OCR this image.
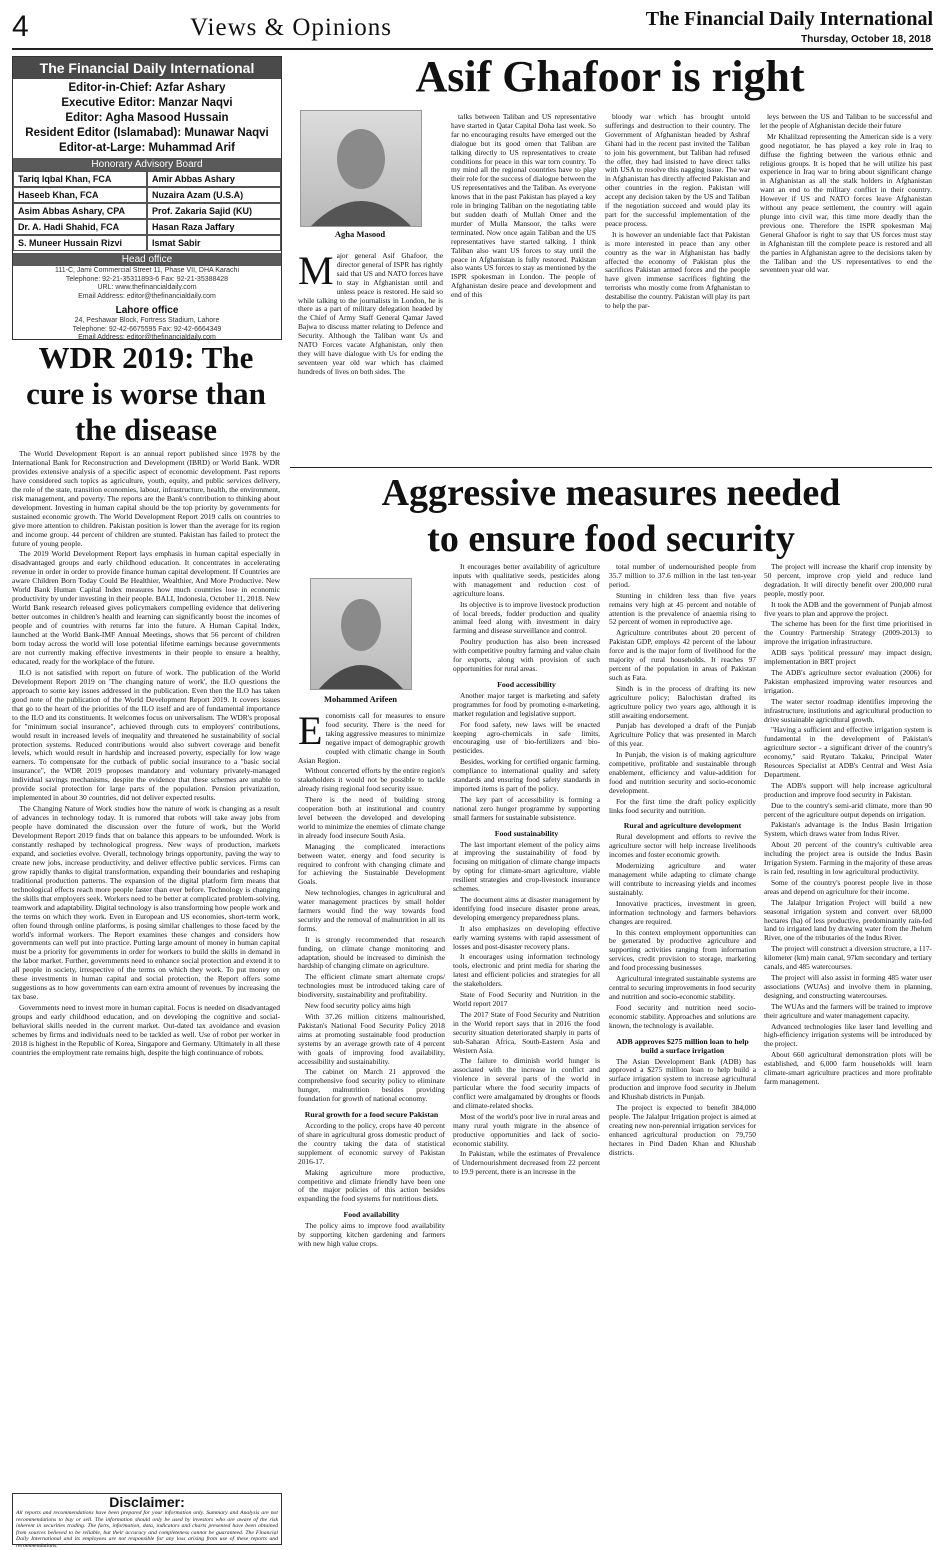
4	Views & Opinions	The Financial Daily International
Thursday, October 18, 2018
The Financial Daily International
Editor-in-Chief: Azfar Ashary
Executive Editor: Manzar Naqvi
Editor: Agha Masood Hussain
Resident Editor (Islamabad): Munawar Naqvi
Editor-at-Large: Muhammad Arif
Honorary Advisory Board
Tariq Iqbal Khan, FCA	Amir Abbas Ashary
Haseeb Khan, FCA	Nuzaira Azam (U.S.A)
Asim Abbas Ashary, CPA	Prof. Zakaria Sajid (KU)
Dr. A. Hadi Shahid, FCA	Hasan Raza Jaffary
S. Muneer Hussain Rizvi	Ismat Sabir
Head office
111-C, Jami Commercial Street 11, Phase VII, DHA Karachi
Telephone: 92-21-35311893-6 Fax: 92-21-35388428
URL: www.thefinancialdaily.com
Email Address: editor@thefinancialdaily.com
Lahore office
24, Peshawar Block, Fortress Stadium, Lahore
Telephone: 92-42-6675595 Fax: 92-42-6664349
Email Address: editor@thefinancialdaily.com
Asif Ghafoor is right
Agha Masood
M ajor general Asif Ghafoor, the director general of ISPR has rightly said that US and NATO forces have to stay in Afghanistan until and unless peace is restored. He said so while talking to the journalists in London, he is there as a part of military delegation headed by the Chief of Army Staff General Qamar Javed Bajwa to discuss matter relating to Defence and Security. Although the Taliban want Us and NATO Forces vacate Afghanistan, only then they will have dialogue with Us for ending the seventeen year old war which has claimed hundreds of lives on both sides. The

talks between Taliban and US representative have started in Qatar Capital Doha last week. So far no encouraging results have emerged out the dialogue but its good omen that Taliban are talking directly to US representatives to create conditions for peace in this war torn country. To my mind all the regional countries have to play their role for the success of dialogue between the US representatives and the Taliban. As everyone knows that in the past Pakistan has played a key role in bringing Taliban on the negotiating table but sudden death of Mullah Omer and the murder of Mulla Mansoor, the talks were terminated. Now once again Taliban and the US representatives have started talking. I think Taliban also want US forces to stay until the peace in Afghanistan is fully restored. Pakistan also wants US forces to stay as mentioned by the ISPR spokesman in London. The people of Afghanistan desire peace and development and end of this

bloody war which has brought untold sufferings and destruction to their country. The Government of Afghanistan headed by Ashraf Ghani had in the recent past invited the Taliban to join his government, but Taliban had refused the offer, they had insisted to have direct talks with USA to resolve this nagging issue. The war in Afghanistan has directly affected Pakistan and other countries in the region. Pakistan will accept any decision taken by the US and Taliban if the negotiation succeed and would play its part for the successful implementation of the peace process.

It is however an undeniable fact that Pakistan is more interested in peace than any other country as the war in Afghanistan has badly affected the economy of Pakistan plus the sacrifices Pakistan armed forces and the people have given immense sacrifices fighting the terrorists who mostly come from Afghanistan to destabilise the country. Pakistan will play its part to help the par-

leys between the US and Taliban to be successful and let the people of Afghanistan decide their future

Mr Khalilzad representing the American side is a very good negotiator, he has played a key role in Iraq to diffuse the fighting between the various ethnic and religious groups. It is hoped that he will utilize his past experience in Iraq war to bring about significant change in Afghanistan as all the stalk holders in Afghanistan want an end to the military conflict in their country. However if US and NATO forces leave Afghanistan without any peace settlement, the country will again plunge into civil war, this time more deadly than the previous one. Therefore the ISPR spokesman Maj General Ghafoor is right to say that US forces must stay in Afghanistan till the complete peace is restored and all the parties in Afghanistan agree to the decisions taken by the Taliban and the US representatives to end the seventeen year old war.

WDR 2019: The
cure is worse than
the disease

The World Development Report is an annual report published since 1978 by the International Bank for Reconstruction and Development (IBRD) or World Bank. WDR provides extensive analysis of a specific aspect of economic development. Past reports have considered such topics as agriculture, youth, equity, and public services delivery, the role of the state, transition economies, labour, infrastructure, health, the environment, risk management, and poverty. The reports are the Bank's contribution to thinking about development. Investing in human capital should be the top priority by governments for sustained economic growth. The World Development Report 2019 calls on countries to give more attention to children. Pakistan position is lower than the average for its region and income group. 44 percent of children are stunted. Pakistan has failed to protect the future of young people.

The 2019 World Development Report lays emphasis in human capital especially in disadvantaged groups and early childhood education. It concentrates in accelerating revenue in order in order to provide finance human capital development. If Countries are aware Children Born Today Could Be Healthier, Wealthier, And More Productive. New World Bank Human Capital Index measures how much countries lose in economic productivity by under investing in their people. BALI, Indonesia, October 11, 2018. New World Bank research released gives policymakers compelling evidence that delivering better outcomes in children's health and learning can significantly boost the incomes of people and of countries with returns far into the future. A Human Capital Index, launched at the World Bank-IMF Annual Meetings, shows that 56 percent of children born today across the world will lose potential lifetime earnings because governments are not currently making effective investments in their people to ensure a healthy, educated, ready for the workplace of the future.

ILO is not satisfied with report on future of work. The publication of the World Development Report 2019 on 'The changing nature of work', the ILO questions the approach to some key issues addressed in the publication. Even then the ILO has taken good note of the publication of the World Development Report 2019. It covers issues that go to the heart of the priorities of the ILO itself and are of fundamental importance to the ILO and its constituents. It welcomes focus on universalism. The WDR's proposal for "minimum social insurance", achieved through cuts to employers' contributions, would result in increased levels of inequality and threatened he sustainability of social protection systems. Reduced contributions would also subvert coverage and benefit levels, which would result in hardship and increased poverty, especially for low wage earners. To compensate for the cutback of public social insurance to a "basic social insurance", the WDR 2019 proposes mandatory and voluntary privately-managed individual savings mechanisms, despite the evidence that these schemes are unable to provide social protection for large parts of the population. Pension privatization, implemented in about 30 countries, did not deliver expected results.

The Changing Nature of Work studies how the nature of work is changing as a result of advances in technology today. It is rumored that robots will take away jobs from people have dominated the discussion over the future of work, but the World Development Report 2019 finds that on balance this appears to be unfounded. Work is constantly reshaped by technological progress. New ways of production, markets expand, and societies evolve. Overall, technology brings opportunity, paving the way to create new jobs, increase productivity, and deliver effective public services. Firms can grow rapidly thanks to digital transformation, expanding their boundaries and reshaping traditional production patterns. The expansion of the digital platform firm means that technological effects reach more people faster than ever before. Technology is changing the skills that employers seek. Workers need to be better at complicated problem-solving, teamwork and adaptability. Digital technology is also transforming how people work and the terms on which they work. Even in European and US economies, short-term work, often found through online platforms, is posing similar challenges to those faced by the world's informal workers. The Report examines these changes and considers how governments can well put into practice. Putting large amount of money in human capital must be a priority for governments in order for workers to build the skills in demand in the labor market. Further, governments need to enhance social protection and extend it to all people in society, irrespective of the terms on which they work. To put money on these investments in human capital and social protection, the Report offers some suggestions as to how governments can earn extra amount of revenues by increasing the tax base.

Governments need to invest more in human capital. Focus is needed on disadvantaged groups and early childhood education, and on developing the cognitive and social-behavioral skills needed in the current market. Out-dated tax avoidance and evasion schemes by firms and individuals need to be tackled as well. Use of robot per worker in 2018 is highest in the Republic of Korea, Singapore and Germany. Ultimately in all these countries the employment rate remains high, despite the high continuance of robots.

Disclaimer:
All reports and recommendations have been prepared for your information only. Summary and Analysis are not recommendations to buy or sell. The information should only be used by investors who are aware of the risk inherent in securities trading. The facts, information, data, indicators and charts presented have been obtained from sources believed to be reliable, but their accuracy and completeness cannot be guaranteed. The Financial Daily International and its employees are not responsible for any loss arising from use of these reports and recommendations.
Aggressive measures needed
to ensure food security
Mohammed Arifeen
E conomists call for measures to ensure food security. There is the need for taking aggressive measures to minimize negative impact of demographic growth coupled with climatic change in South Asian Region.

Without concerted efforts by the entire region's stakeholders it would not be possible to tackle already rising regional food security issue.

There is the need of building strong cooperation both at institutional and country level between the developed and developing world to minimize the enemies of climate change in already food insecure South Asia.

Managing the complicated interactions between water, energy and food security is required to confront with changing climate and for achieving the Sustainable Development Goals.

New technologies, changes in agricultural and water management practices by small holder farmers would find the way towards food security and the removal of malnutrition in all its forms.

It is strongly recommended that research funding, on climate change monitoring and adaptation, should be increased to diminish the hardship of changing climate on agriculture.

The efficient climate smart alternate crops/ technologies must be introduced taking care of biodiversity, sustainability and profitability.

New food security policy aims high

With 37.26 million citizens malnourished, Pakistan's National Food Security Policy 2018 aims at promoting sustainable food production systems by an average growth rate of 4 percent with goals of improving food availability, accessibility and sustainability.

The cabinet on March 21 approved the comprehensive food security policy to eliminate hunger, malnutrition besides providing foundation for growth of national economy.

Rural growth for a food secure Pakistan

According to the policy, crops have 40 percent of share in agricultural gross domestic product of the country taking the data of statistical supplement of economic survey of Pakistan 2016-17.

Making agriculture more productive, competitive and climate friendly have been one of the major policies of this action besides expanding the food systems for nutritious diets.

Food availability

The policy aims to improve food availability by supporting kitchen gardening and farmers with new high value crops.

It encourages better availability of agriculture inputs with qualitative seeds, pesticides along with management and reduction cost of agriculture loans.

Its objective is to improve livestock production of local breeds, fodder production and quality animal feed along with investment in dairy farming and disease surveillance and control.

Poultry production has also been increased with competitive poultry farming and value chain for exports, along with provision of such opportunities for rural areas.

Food accessibility

Another major target is marketing and safety programmes for food by promoting e-marketing, market regulation and legislative support.

For food safety, new laws will be enacted keeping agro-chemicals in safe limits, encouraging use of bio-fertilizers and bio-pesticides.

Besides, working for certified organic farming, compliance to international quality and safety standards and ensuring food safety standards in imported items is part of the policy.

The key part of accessibility is forming a national zero hunger programme by supporting small farmers for sustainable subsistence.

Food sustainability

The last important element of the policy aims at improving the sustainability of food by focusing on mitigation of climate change impacts by opting for climate-smart agriculture, viable resilient strategies and crop-livestock insurance schemes.

The document aims at disaster management by identifying food insecure disaster prone areas, developing emergency preparedness plans.

It also emphasizes on developing effective early warning systems with rapid assessment of losses and post-disaster recovery plans.

It encourages using information technology tools, electronic and print media for sharing the latest and efficient policies and strategies for all the stakeholders.

State of Food Security and Nutrition in the World report 2017

The 2017 State of Food Security and Nutrition in the World report says that in 2016 the food security situation deteriorated sharply in parts of sub-Saharan Africa, South-Eastern Asia and Western Asia.

The failure to diminish world hunger is associated with the increase in conflict and violence in several parts of the world in particular where the food security impacts of conflict were amalgamated by droughts or floods and climate-related shocks.

Most of the world's poor live in rural areas and many rural youth migrate in the absence of productive opportunities and lack of socio-economic stability.

In Pakistan, while the estimates of Prevalence of Undernourishment decreased from 22 percent to 19.9 percent, there is an increase in the

total number of undernourished people from 35.7 million to 37.6 million in the last ten-year period.

Stunting in children less than five years remains very high at 45 percent and notable of attention is the prevalence of anaemia rising to 52 percent of women in reproductive age.

Agriculture contributes about 20 percent of Pakistan GDP, employs 42 percent of the labour force and is the major form of livelihood for the majority of rural households. It reaches 97 percent of the population in areas of Pakistan such as Fata.

Sindh is in the process of drafting its new agriculture policy; Balochistan drafted its agriculture policy two years ago, although it is still awaiting endorsement.

Punjab has developed a draft of the Punjab Agriculture Policy that was presented in March of this year.

In Punjab, the vision is of making agriculture competitive, profitable and sustainable through enablement, efficiency and value-addition for food and nutrition security and socio-economic development.

For the first time the draft policy explicitly links food security and nutrition.

Rural and agriculture development

Rural development and efforts to revive the agriculture sector will help increase livelihoods incomes and foster economic growth.

Modernizing agriculture and water management while adapting to climate change will contribute to increasing yields and incomes sustainably.

Innovative practices, investment in green, information technology and farmers behaviors changes are required.

In this context employment opportunities can be generated by productive agriculture and supporting activities ranging from information services, credit provision to storage, marketing and food processing businesses

Agricultural integrated sustainable systems are central to securing improvements in food security and nutrition and socio-economic stability.

Food security and nutrition need socio-economic stability. Approaches and solutions are known, the technology is available.

ADB approves $275 million loan to help build a surface irrigation

The Asian Development Bank (ADB) has approved a $275 million loan to help build a surface irrigation system to increase agricultural production and improve food security in Jhelum and Khushab districts in Punjab.

The project is expected to benefit 384,000 people. The Jalalpur Irrigation project is aimed at creating new non-perennial irrigation services for enhanced agricultural production on 79,750 hectares in Pind Daden Khan and Khushab districts.

The project will increase the kharif crop intensity by 50 percent, improve crop yield and reduce land degradation. It will directly benefit over 200,000 rural people, mostly poor.

It took the ADB and the government of Punjab almost five years to plan and approve the project.

The scheme has been for the first time prioritised in the Country Partnership Strategy (2009-2013) to improve the irrigation infrastructure.

ADB says 'political pressure' may impact design, implementation in BRT project

The ADB's agriculture sector evaluation (2006) for Pakistan emphasized improving water resources and irrigation.

The water sector roadmap identifies improving the infrastructure, institutions and agricultural production to drive sustainable agricultural growth.

"Having a sufficient and effective irrigation system is fundamental in the development of Pakistan's agriculture sector - a significant driver of the country's economy," said Ryutaro Takaku, Principal Water Resources Specialist at ADB's Central and West Asia Department.

The ADB's support will help increase agricultural production and improve food security in Pakistan.

Due to the country's semi-arid climate, more than 90 percent of the agriculture output depends on irrigation.

Pakistan's advantage is the Indus Basin Irrigation System, which draws water from Indus River.

About 20 percent of the country's cultivable area including the project area is outside the Indus Basin Irrigation System. Farming in the majority of these areas is rain fed, resulting in low agricultural productivity.

Some of the country's poorest people live in those areas and depend on agriculture for their income.

The Jalalpur Irrigation Project will build a new seasonal irrigation system and convert over 68,000 hectares (ha) of less productive, predominantly rain-fed land to irrigated land by drawing water from the Jhelum River, one of the tributaries of the Indus River.

The project will construct a diversion structure, a 117-kilometer (km) main canal, 97km secondary and tertiary canals, and 485 watercourses.

The project will also assist in forming 485 water user associations (WUAs) and involve them in planning, designing, and constructing watercourses.

The WUAs and the farmers will be trained to improve their agriculture and water management capacity.

Advanced technologies like laser land levelling and high-efficiency irrigation systems will be introduced by the project.

About 660 agricultural demonstration plots will be established, and 6,000 farm households will learn climate-smart agriculture practices and more profitable farm management.
